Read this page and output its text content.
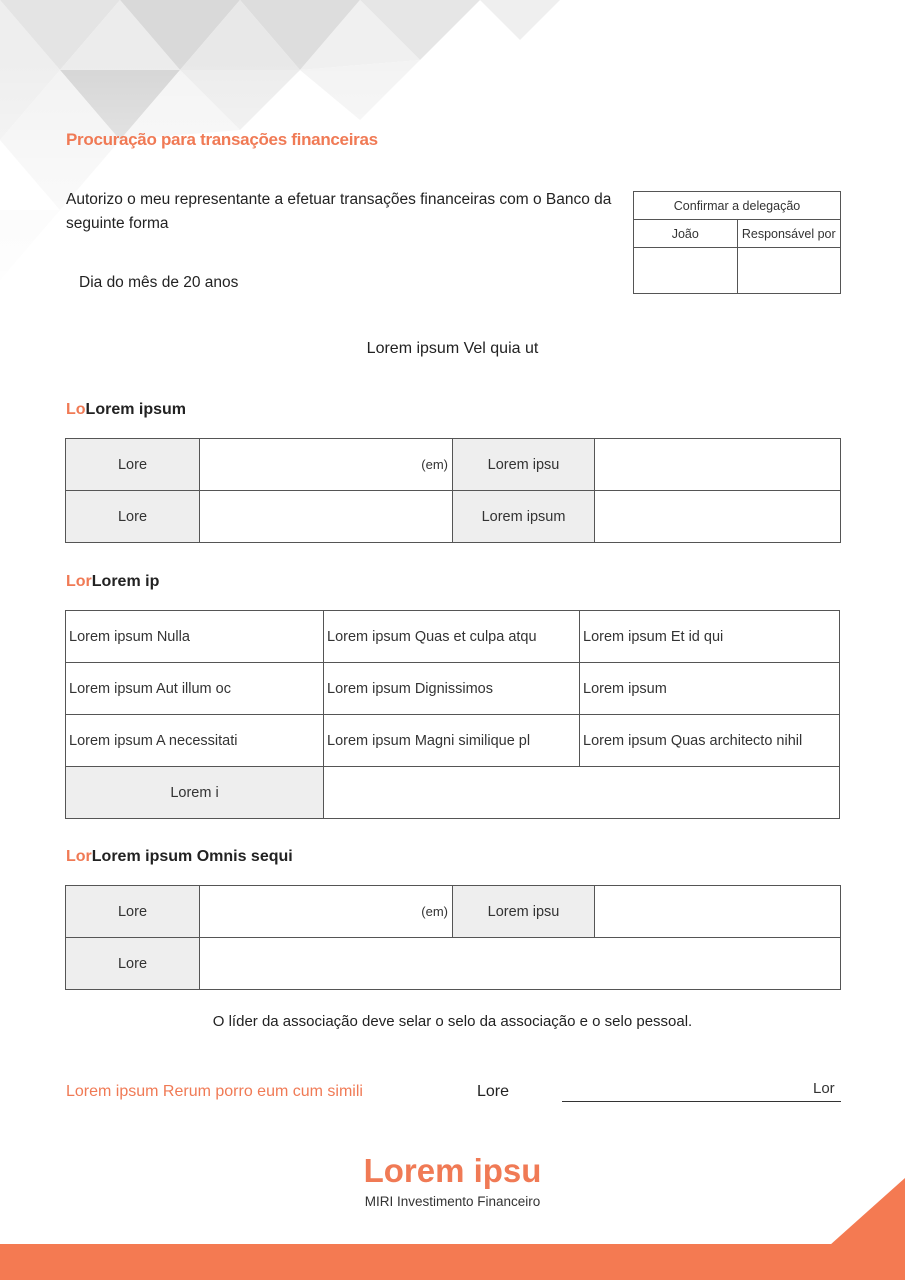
Procuração para transações financeiras
Autorizo o meu representante a efetuar transações financeiras com o Banco da seguinte forma
Dia do mês de 20 anos
Confirmar a delegação	
João	Responsável por

Lorem ipsum Vel quia ut
LoLorem ipsum
Lore	(em)	Lorem ipsu	
Lore		Lorem ipsum	
LorLorem ip
Lorem ipsum Nulla	Lorem ipsum Quas et culpa atqu	Lorem ipsum Et id qui
Lorem ipsum Aut illum oc	Lorem ipsum Dignissimos	Lorem ipsum
Lorem ipsum A necessitati	Lorem ipsum Magni similique pl	Lorem ipsum Quas architecto nihil
Lorem i		
LorLorem ipsum Omnis sequi
Lore	(em)	Lorem ipsu	
Lore			
O líder da associação deve selar o selo da associação e o selo pessoal.
Lorem ipsum Rerum porro eum cum simili	Lore	Lor
Lorem ipsu
MIRI Investimento Financeiro
